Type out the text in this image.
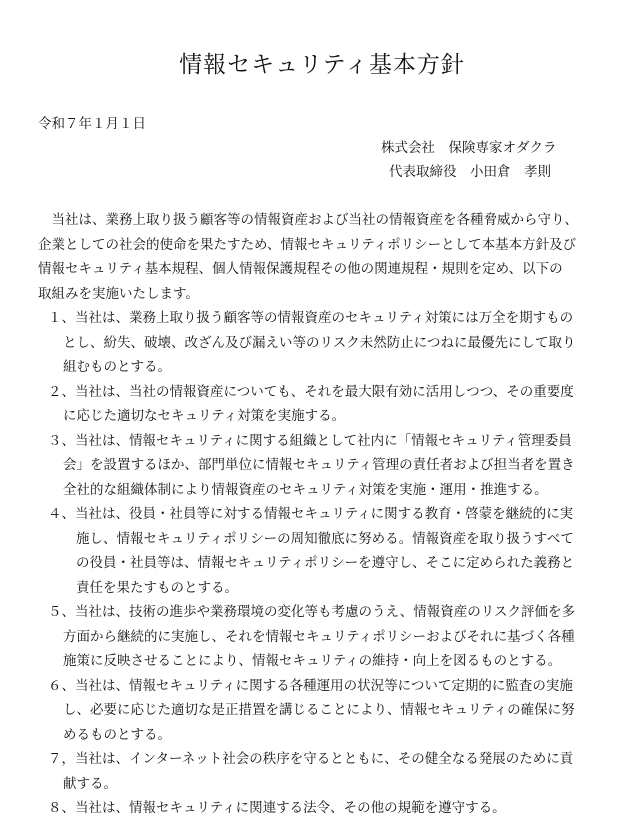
情報セキュリティ基本方針
令和７年１月１日
株式会社　保険専家オダクラ
代表取締役　小田倉　孝則
　当社は、業務上取り扱う顧客等の情報資産および当社の情報資産を各種脅威から守り、
企業としての社会的使命を果たすため、情報セキュリティポリシーとして本基本方針及び
情報セキュリティ基本規程、個人情報保護規程その他の関連規程・規則を定め、以下の
取組みを実施いたします。
１、当社は、業務上取り扱う顧客等の情報資産のセキュリティ対策には万全を期すもの
とし、紛失、破壊、改ざん及び漏えい等のリスク未然防止につねに最優先にして取り
組むものとする。
２、当社は、当社の情報資産についても、それを最大限有効に活用しつつ、その重要度
に応じた適切なセキュリティ対策を実施する。
３、当社は、情報セキュリティに関する組織として社内に「情報セキュリティ管理委員
会」を設置するほか、部門単位に情報セキュリティ管理の責任者および担当者を置き
全社的な組織体制により情報資産のセキュリティ対策を実施・運用・推進する。
４、当社は、役員・社員等に対する情報セキュリティに関する教育・啓蒙を継続的に実
施し、情報セキュリティポリシーの周知徹底に努める。情報資産を取り扱うすべて
の役員・社員等は、情報セキュリティポリシーを遵守し、そこに定められた義務と
責任を果たすものとする。
５、当社は、技術の進歩や業務環境の変化等も考慮のうえ、情報資産のリスク評価を多
方面から継続的に実施し、それを情報セキュリティポリシーおよびそれに基づく各種
施策に反映させることにより、情報セキュリティの維持・向上を図るものとする。
６、当社は、情報セキュリティに関する各種運用の状況等について定期的に監査の実施
し、必要に応じた適切な是正措置を講じることにより、情報セキュリティの確保に努
めるものとする。
７，当社は、インターネット社会の秩序を守るとともに、その健全なる発展のために貢
献する。
８、当社は、情報セキュリティに関連する法令、その他の規範を遵守する。
